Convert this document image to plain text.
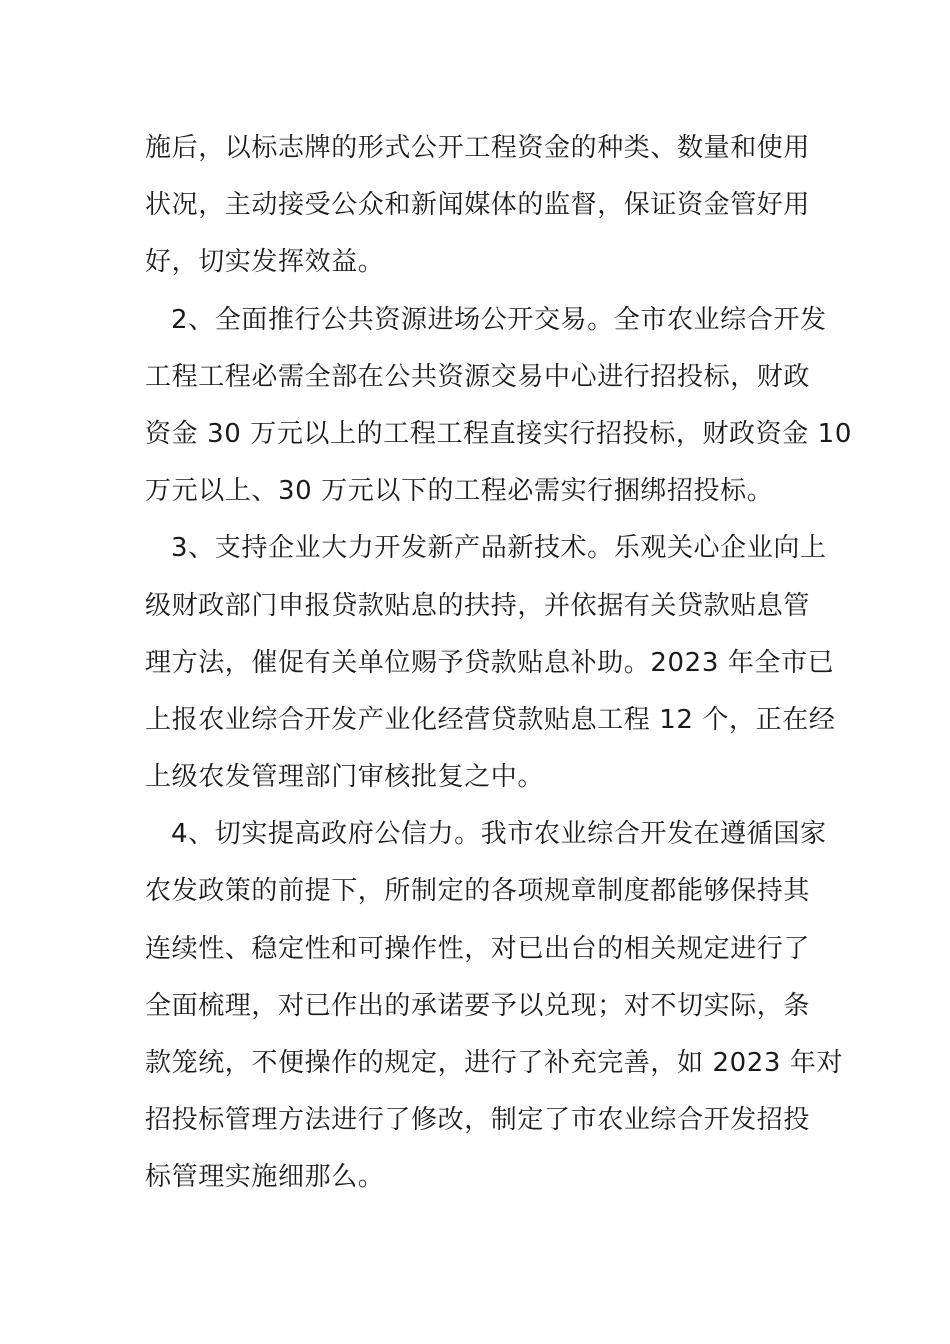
施后，以标志牌的形式公开工程资金的种类、数量和使用
状况，主动接受公众和新闻媒体的监督，保证资金管好用
好，切实发挥效益。
2、全面推行公共资源进场公开交易。全市农业综合开发
工程工程必需全部在公共资源交易中心进行招投标，财政
资金 30 万元以上的工程工程直接实行招投标，财政资金 10
万元以上、30 万元以下的工程必需实行捆绑招投标。
3、支持企业大力开发新产品新技术。乐观关心企业向上
级财政部门申报贷款贴息的扶持，并依据有关贷款贴息管
理方法，催促有关单位赐予贷款贴息补助。2023 年全市已
上报农业综合开发产业化经营贷款贴息工程 12 个，正在经
上级农发管理部门审核批复之中。
4、切实提高政府公信力。我市农业综合开发在遵循国家
农发政策的前提下，所制定的各项规章制度都能够保持其
连续性、稳定性和可操作性，对已出台的相关规定进行了
全面梳理，对已作出的承诺要予以兑现；对不切实际，条
款笼统，不便操作的规定，进行了补充完善，如 2023 年对
招投标管理方法进行了修改，制定了市农业综合开发招投
标管理实施细那么。
